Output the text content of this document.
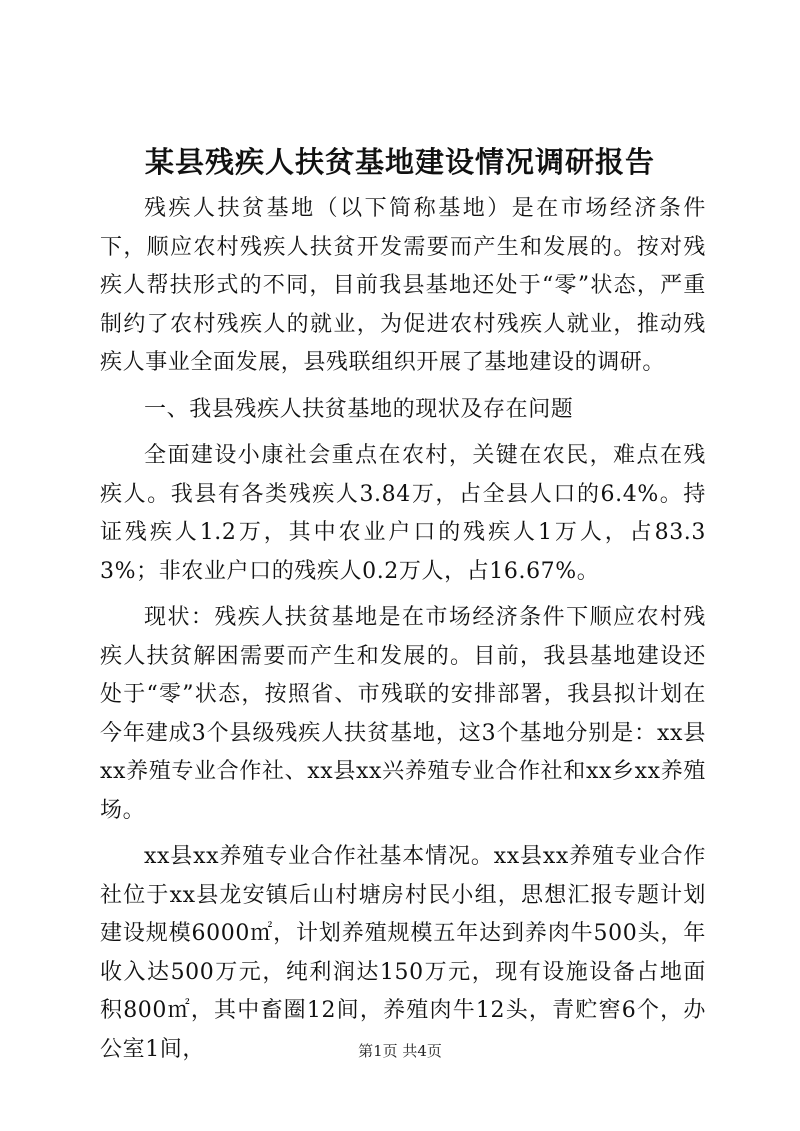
某县残疾人扶贫基地建设情况调研报告

残疾人扶贫基地（以下简称基地）是在市场经济条件下，顺应农村残疾人扶贫开发需要而产生和发展的。按对残疾人帮扶形式的不同，目前我县基地还处于“零”状态，严重制约了农村残疾人的就业，为促进农村残疾人就业，推动残疾人事业全面发展，县残联组织开展了基地建设的调研。

一、我县残疾人扶贫基地的现状及存在问题

全面建设小康社会重点在农村，关键在农民，难点在残疾人。我县有各类残疾人3.84万，占全县人口的6.4%。持证残疾人1.2万，其中农业户口的残疾人1万人，占83.33%；非农业户口的残疾人0.2万人，占16.67%。

现状：残疾人扶贫基地是在市场经济条件下顺应农村残疾人扶贫解困需要而产生和发展的。目前，我县基地建设还处于“零”状态，按照省、市残联的安排部署，我县拟计划在今年建成3个县级残疾人扶贫基地，这3个基地分别是：xx县xx养殖专业合作社、xx县xx兴养殖专业合作社和xx乡xx养殖场。

xx县xx养殖专业合作社基本情况。xx县xx养殖专业合作社位于xx县龙安镇后山村塘房村民小组，思想汇报专题计划建设规模6000㎡，计划养殖规模五年达到养肉牛500头，年收入达500万元，纯利润达150万元，现有设施设备占地面积800㎡，其中畜圈12间，养殖肉牛12头，青贮窖6个，办公室1间，	第1页 共4页
